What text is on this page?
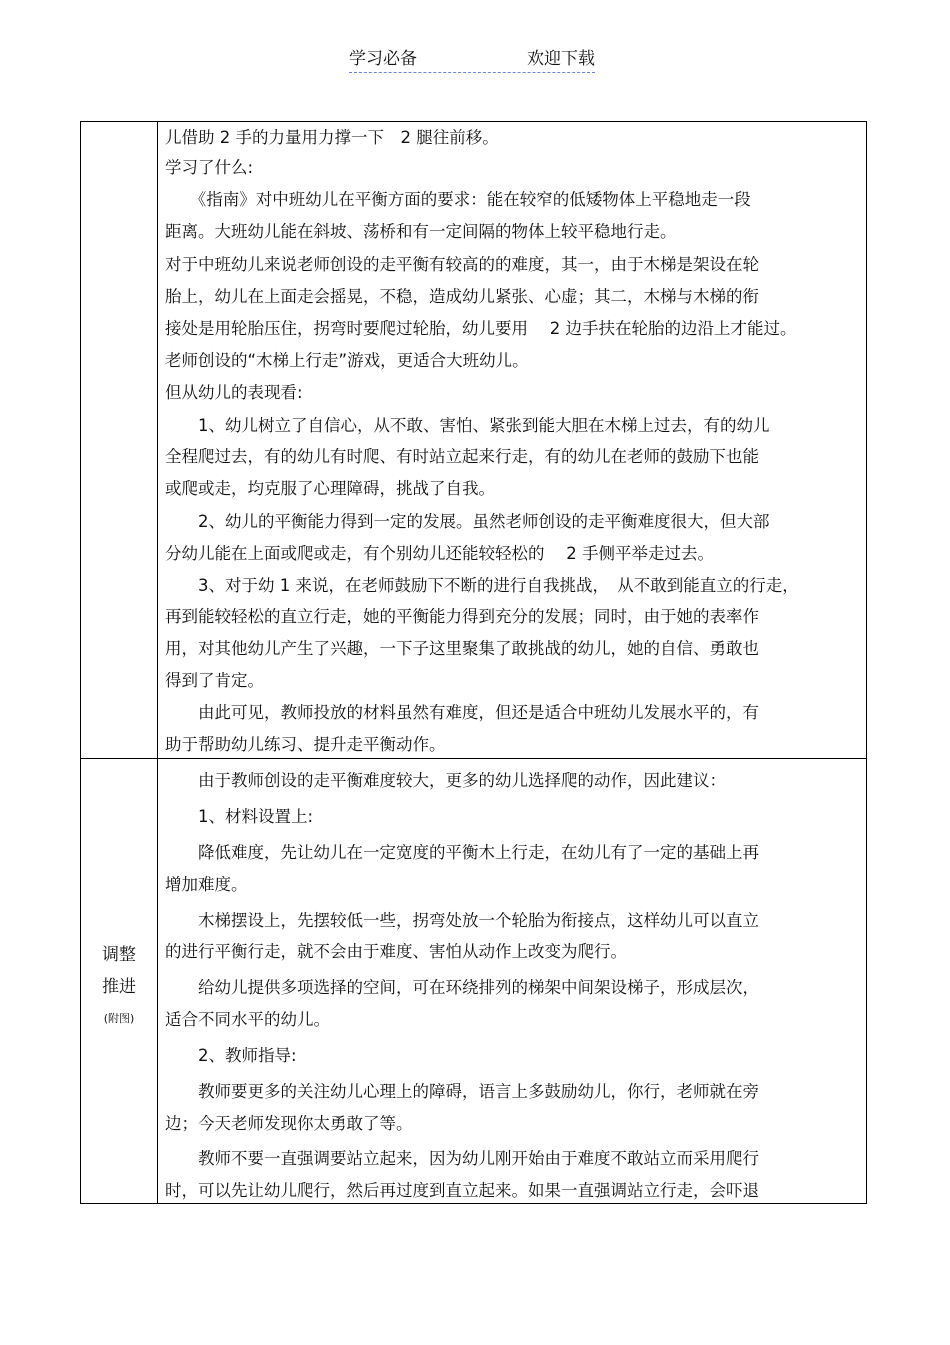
学习必备	欢迎下载
调整
推进
(附图)
儿借助 2 手的力量用力撑一下　2 腿往前移。
学习了什么:
　　《指南》对中班幼儿在平衡方面的要求：能在较窄的低矮物体上平稳地走一段
距离。大班幼儿能在斜坡、荡桥和有一定间隔的物体上较平稳地行走。
对于中班幼儿来说老师创设的走平衡有较高的的难度，其一，由于木梯是架设在轮
胎上，幼儿在上面走会摇晃，不稳，造成幼儿紧张、心虚；其二，木梯与木梯的衔
接处是用轮胎压住，拐弯时要爬过轮胎，幼儿要用　 2 边手扶在轮胎的边沿上才能过。
老师创设的“木梯上行走”游戏，更适合大班幼儿。
但从幼儿的表现看:
　　1、幼儿树立了自信心，从不敢、害怕、紧张到能大胆在木梯上过去，有的幼儿
全程爬过去，有的幼儿有时爬、有时站立起来行走，有的幼儿在老师的鼓励下也能
或爬或走，均克服了心理障碍，挑战了自我。
　　2、幼儿的平衡能力得到一定的发展。虽然老师创设的走平衡难度很大，但大部
分幼儿能在上面或爬或走，有个别幼儿还能较轻松的　 2 手侧平举走过去。
　　3、对于幼 1 来说，在老师鼓励下不断的进行自我挑战，　从不敢到能直立的行走，
再到能较轻松的直立行走，她的平衡能力得到充分的发展；同时，由于她的表率作
用，对其他幼儿产生了兴趣，一下子这里聚集了敢挑战的幼儿，她的自信、勇敢也
得到了肯定。
　　由此可见，教师投放的材料虽然有难度，但还是适合中班幼儿发展水平的，有
助于帮助幼儿练习、提升走平衡动作。
　　由于教师创设的走平衡难度较大，更多的幼儿选择爬的动作，因此建议：
　　1、材料设置上:
　　降低难度，先让幼儿在一定宽度的平衡木上行走，在幼儿有了一定的基础上再
增加难度。
　　木梯摆设上，先摆较低一些，拐弯处放一个轮胎为衔接点，这样幼儿可以直立
的进行平衡行走，就不会由于难度、害怕从动作上改变为爬行。
　　给幼儿提供多项选择的空间，可在环绕排列的梯架中间架设梯子，形成层次，
适合不同水平的幼儿。
　　2、教师指导:
　　教师要更多的关注幼儿心理上的障碍，语言上多鼓励幼儿，你行，老师就在旁
边；今天老师发现你太勇敢了等。
　　教师不要一直强调要站立起来，因为幼儿刚开始由于难度不敢站立而采用爬行
时，可以先让幼儿爬行，然后再过度到直立起来。如果一直强调站立行走，会吓退
